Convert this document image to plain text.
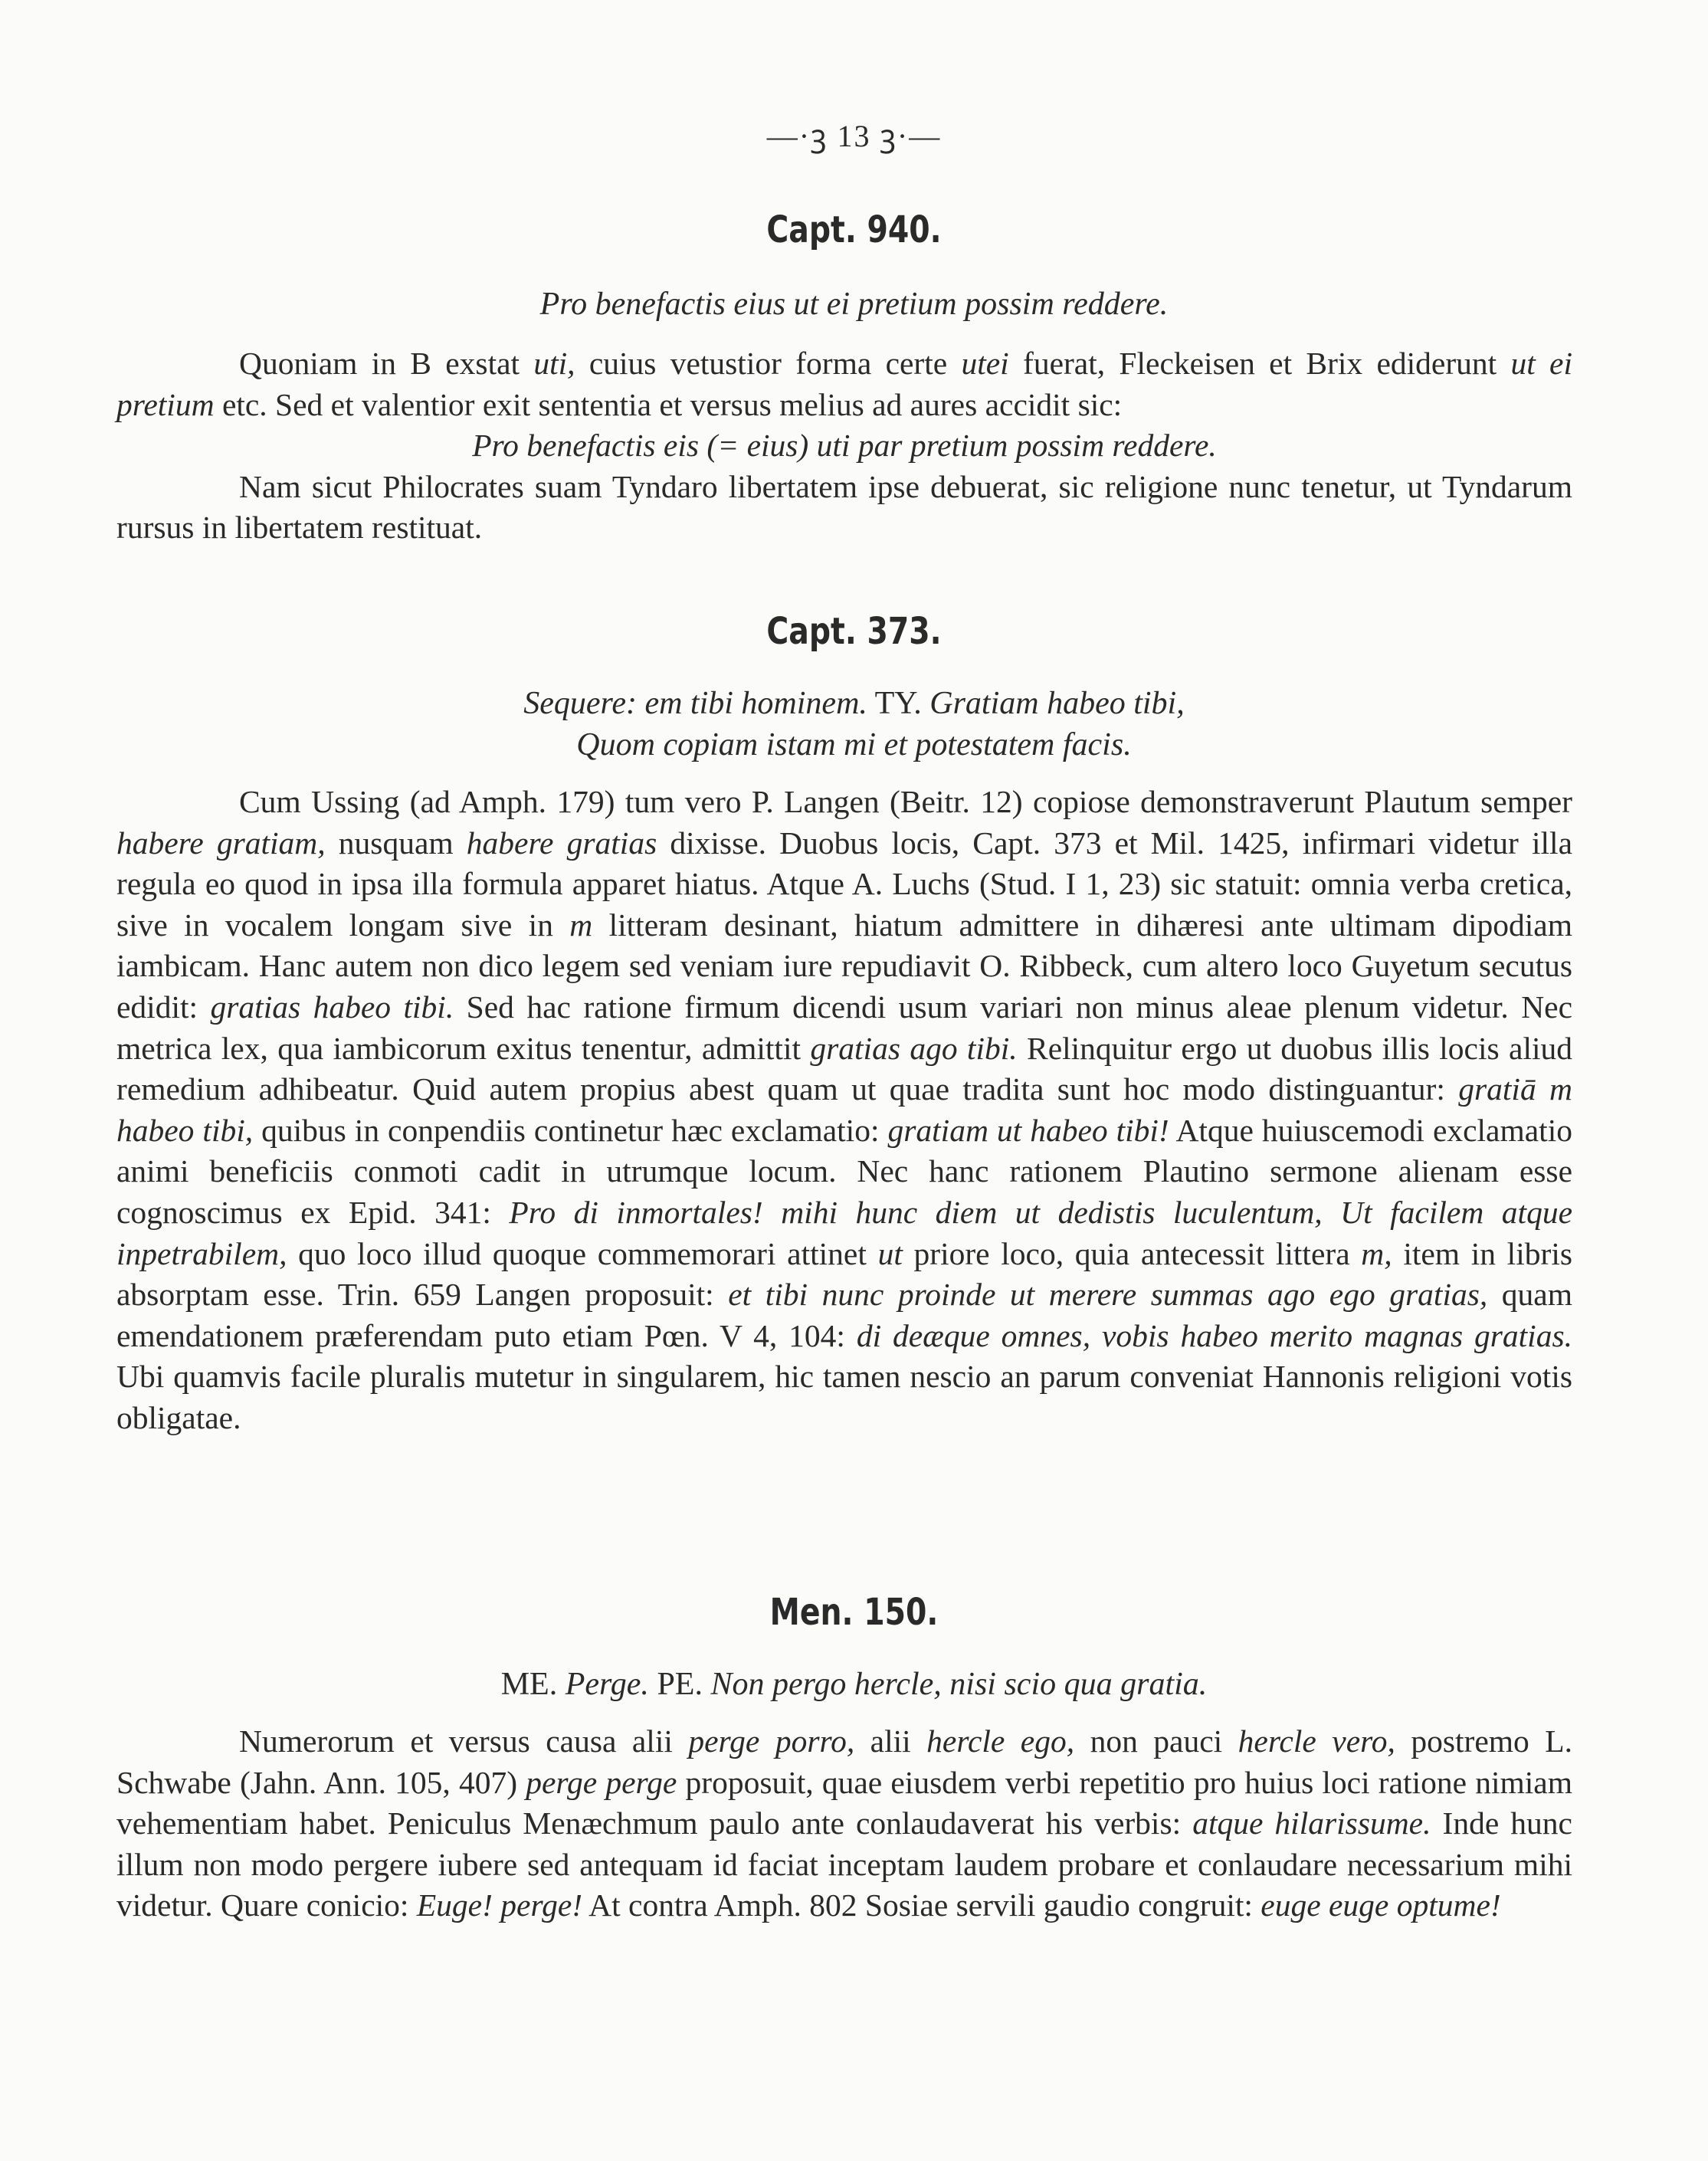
—·ꝫ 13 ꝫ·—
Capt. 940.

Pro benefactis eius ut ei pretium possim reddere.

Quoniam in B exstat uti, cuius vetustior forma certe utei fuerat, Fleckeisen et Brix ediderunt ut ei pretium etc. Sed et valentior exit sententia et versus melius ad aures accidit sic:

Pro benefactis eis (= eius) uti par pretium possim reddere.

Nam sicut Philocrates suam Tyndaro libertatem ipse debuerat, sic religione nunc tenetur, ut Tyndarum rursus in libertatem restituat.

Capt. 373.

Sequere: em tibi hominem. TY. Gratiam habeo tibi,

Quom copiam istam mi et potestatem facis.

Cum Ussing (ad Amph. 179) tum vero P. Langen (Beitr. 12) copiose demonstraverunt Plautum semper habere gratiam, nusquam habere gratias dixisse. Duobus locis, Capt. 373 et Mil. 1425, infirmari videtur illa regula eo quod in ipsa illa formula apparet hiatus. Atque A. Luchs (Stud. I 1, 23) sic statuit: omnia verba cretica, sive in vocalem longam sive in m litteram desinant, hiatum admittere in dihæresi ante ultimam dipodiam iambicam. Hanc autem non dico legem sed veniam iure repudiavit O. Ribbeck, cum altero loco Guyetum secutus edidit: gratias habeo tibi. Sed hac ratione firmum dicendi usum variari non minus aleae plenum videtur. Nec metrica lex, qua iambicorum exitus tenentur, admittit gratias ago tibi. Relinquitur ergo ut duobus illis locis aliud remedium adhibeatur. Quid autem propius abest quam ut quae tradita sunt hoc modo distinguantur: gratiā m habeo tibi, quibus in conpendiis continetur hæc exclamatio: gratiam ut habeo tibi! Atque huiuscemodi exclamatio animi beneficiis conmoti cadit in utrumque locum. Nec hanc rationem Plautino sermone alienam esse cognoscimus ex Epid. 341: Pro di inmortales! mihi hunc diem ut dedistis luculentum, Ut facilem atque inpetrabilem, quo loco illud quoque commemorari attinet ut priore loco, quia antecessit littera m, item in libris absorptam esse. Trin. 659 Langen proposuit: et tibi nunc proinde ut merere summas ago ego gratias, quam emendationem præferendam puto etiam Pœn. V 4, 104: di deæque omnes, vobis habeo merito magnas gratias. Ubi quamvis facile pluralis mutetur in singularem, hic tamen nescio an parum conveniat Hannonis religioni votis obligatae.

Men. 150.

ME. Perge. PE. Non pergo hercle, nisi scio qua gratia.

Numerorum et versus causa alii perge porro, alii hercle ego, non pauci hercle vero, postremo L. Schwabe (Jahn. Ann. 105, 407) perge perge proposuit, quae eiusdem verbi repetitio pro huius loci ratione nimiam vehementiam habet. Peniculus Menæchmum paulo ante conlaudaverat his verbis: atque hilarissume. Inde hunc illum non modo pergere iubere sed antequam id faciat inceptam laudem probare et conlaudare necessarium mihi videtur. Quare conicio: Euge! perge! At contra Amph. 802 Sosiae servili gaudio congruit: euge euge optume!
